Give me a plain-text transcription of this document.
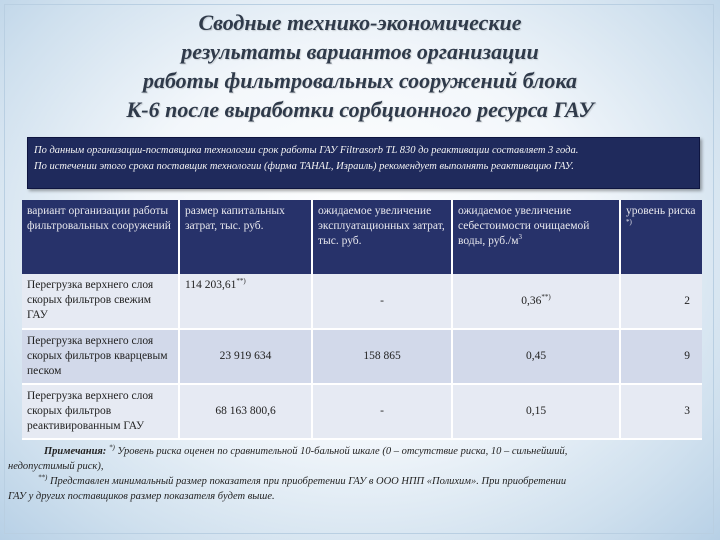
Сводные технико-экономические
результаты вариантов организации
работы фильтровальных сооружений блока
К-6 после выработки сорбционного ресурса ГАУ
По данным организации-поставщика технологии срок работы ГАУ Filtrasorb TL 830 до реактивации составляет 3 года.
По истечении этого срока поставщик технологии (фирма ТАНАL, Израиль) рекомендует выполнять реактивацию ГАУ.
вариант организации работы фильтровальных сооружений	размер капитальных затрат, тыс. руб.	ожидаемое увеличение эксплуатационных затрат, тыс. руб.	ожидаемое увеличение себестоимости очищаемой воды, $руб./м^3$	уровень риска *)
Перегрузка верхнего слоя скорых фильтров свежим ГАУ	114 203,61**)	-	0,36**)	2
Перегрузка верхнего слоя скорых фильтров кварцевым песком	23 919 634	158 865	0,45	9
Перегрузка верхнего слоя скорых фильтров реактивированным ГАУ	68 163 800,6	-	0,15	3
Примечания: *) Уровень риска оценен по сравнительной 10-бальной шкале (0 – отсутствие риска, 10 – сильнейший,
недопустимый риск),
**) Представлен минимальный размер показателя при приобретении ГАУ в ООО НПП «Полихим». При приобретении
ГАУ у других поставщиков размер показателя будет выше.
